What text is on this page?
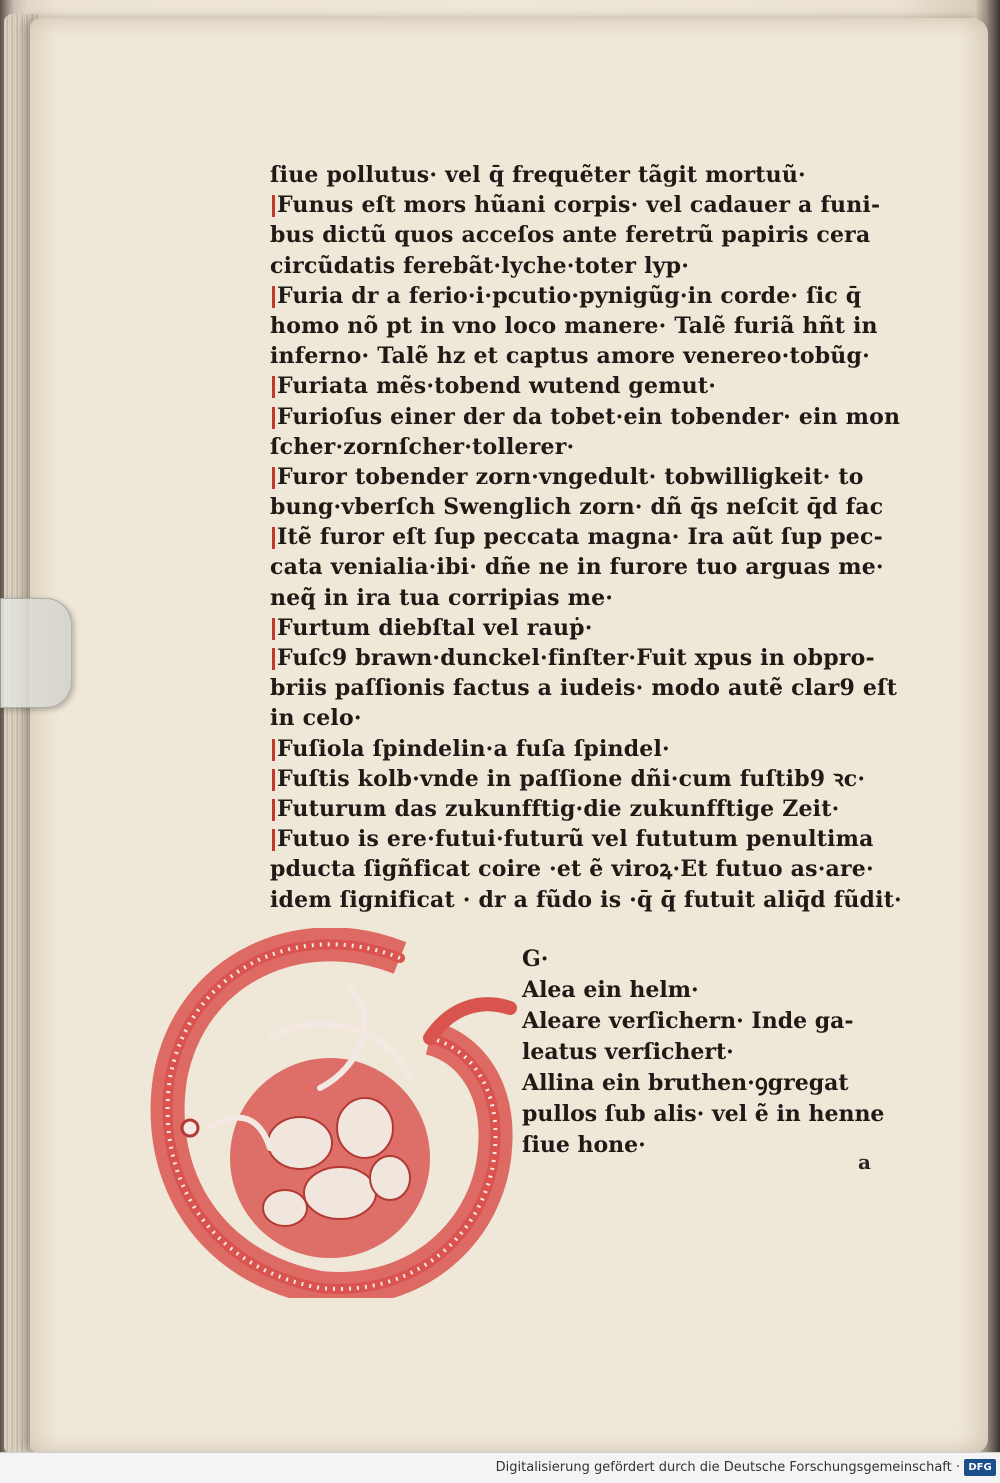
ſiue pollutus· vel q̄ frequẽter tãgit mortuũ·
Funus eſt mors hũani corpis· vel cadauer a funi-
bus dictũ quos acceſos ante feretrũ papiris cera
circũdatis ferebãt·lyche·toter lyp·
Furia dr a ferio·i·pcutio·pynigũg·in corde· ſic q̄
homo nõ pt in vno loco manere· Talẽ furiã hñt in
inferno· Talẽ hz et captus amore venereo·tobũg·
Furiata mẽs·tobend wutend gemut·
Furioſus einer der da tobet·ein tobender· ein mon
ſcher·zornſcher·tollerer·
Furor tobender zorn·vngedult· tobwilligkeit· to
bung·vberſch Swenglich zorn· dñ q̄s neſcit q̄d fac
Itẽ furor eſt ſup peccata magna· Ira aũt ſup pec-
cata venialia·ibi· dñe ne in furore tuo arguas me·
neq̃ in ira tua corripias me·
Furtum diebſtal vel rauṗ·
Fuſc9 brawn·dunckel·finſter·Fuit xpus in obpro-
briis paſſionis factus a iudeis· modo autẽ clar9 eſt
in celo·
Fuſiola ſpindelin·a fuſa ſpindel·
Fuſtis kolb·vnde in paſſione dñi·cum fuſtib9 ꝛc·
Futurum das zukunfftig·die zukunfftige Zeit·
Futuo is ere·futui·futurũ vel fututum penultima
pducta ſigñficat coire ·et ẽ viroꝝ·Et futuo as·are·
idem ſignificat · dr a fũdo is ·q̄ q̄ futuit aliq̄d fũdit·
G·
Alea ein helm·
Aleare verſichern· Inde ga-
leatus verſichert·
Allina ein bruthen·ꝯgregat
pullos ſub alis· vel ẽ in henne
ſiue hone·
a
Digitalisierung gefördert durch die Deutsche Forschungsgemeinschaft · DFG
